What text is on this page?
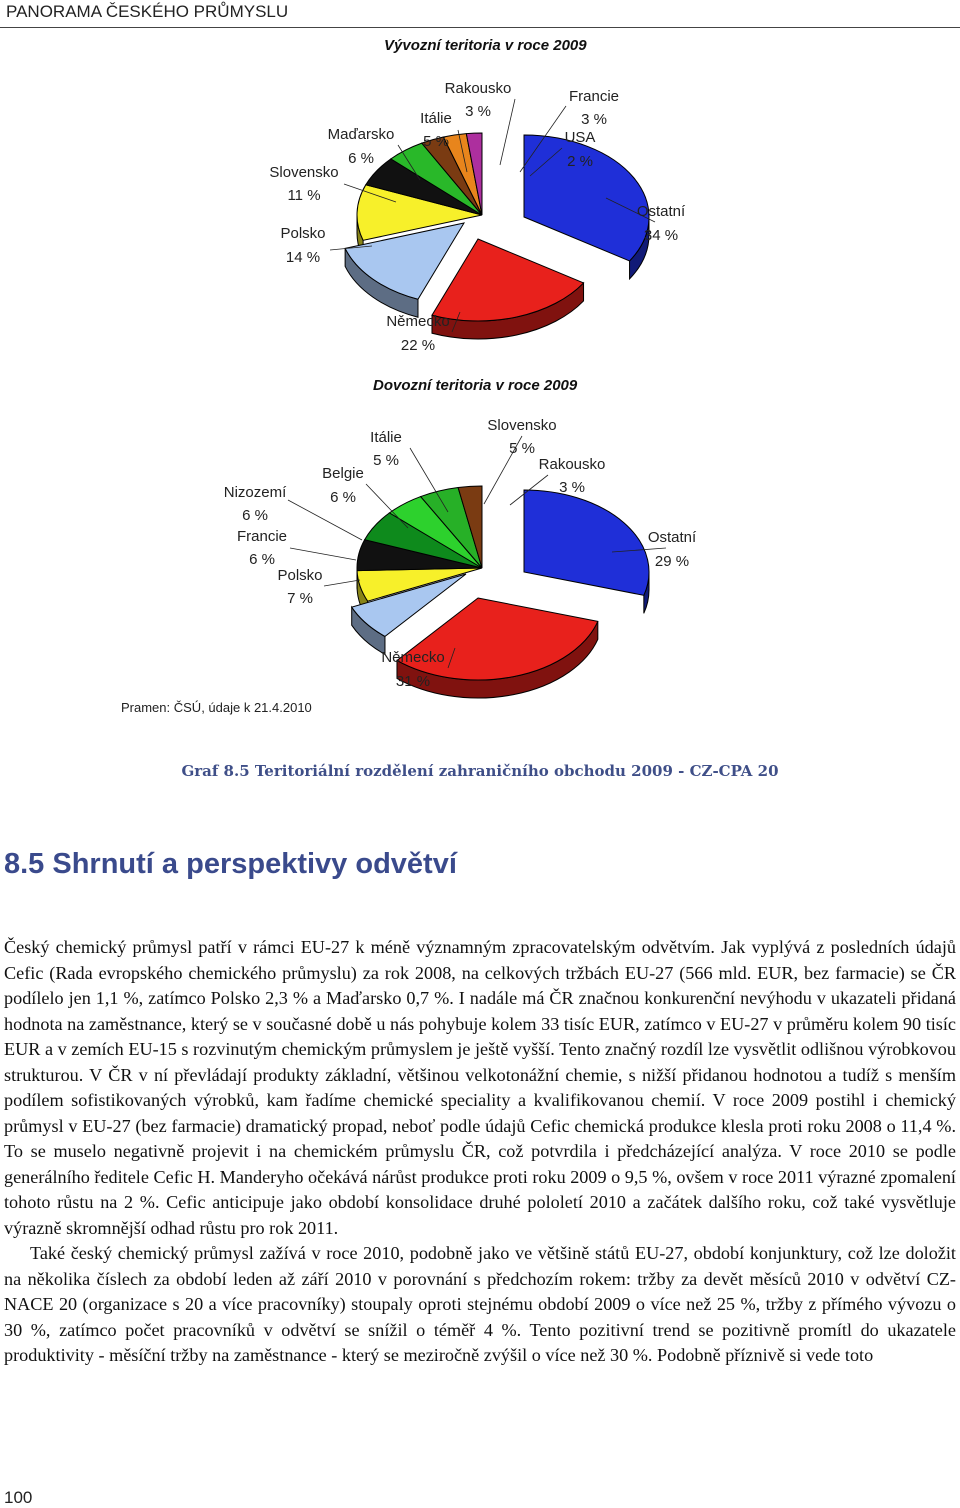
PANORAMA ČESKÉHO PRŮMYSLU
Vývozní teritoria v roce 2009
Ostatní
34 %
Německo
22 %
Polsko
14 %
Slovensko
11 %
Maďarsko
6 %
Itálie
5 %
Rakousko
3 %
Francie
3 %
USA
2 %
Dovozní teritoria v roce 2009
Ostatní
29 %
Německo
31 %
Polsko
7 %
Francie
6 %
Nizozemí
6 %
Belgie
6 %
Itálie
5 %
Slovensko
5 %
Rakousko
3 %
Pramen: ČSÚ, údaje k 21.4.2010
Graf 8.5 Teritoriální rozdělení zahraničního obchodu 2009 - CZ-CPA 20
8.5 Shrnutí a perspektivy odvětví

Český chemický průmysl patří v rámci EU-27 k méně významným zpracovatelským odvětvím. Jak vyplývá z posledních údajů Cefic (Rada evropského chemického průmyslu) za rok 2008, na celkových tržbách EU-27 (566 mld. EUR, bez farmacie) se ČR podílelo jen 1,1 %, zatímco Polsko 2,3 % a Maďarsko 0,7 %. I nadále má ČR značnou konkurenční nevýhodu v ukazateli přidaná hodnota na zaměstnance, který se v současné době u nás pohybuje kolem 33 tisíc EUR, zatímco v EU-27 v průměru kolem 90 tisíc EUR a v zemích EU-15 s rozvinutým chemickým průmyslem je ještě vyšší. Tento značný rozdíl lze vysvětlit odlišnou výrobkovou strukturou. V ČR v ní převládají produkty základní, většinou velkotonážní chemie, s nižší přidanou hodnotou a tudíž s menším podílem sofistikovaných výrobků, kam řadíme chemické speciality a kvalifikovanou chemií. V roce 2009 postihl i chemický průmysl v EU-27 (bez farmacie) dramatický propad, neboť podle údajů Cefic chemická produkce klesla proti roku 2008 o 11,4 %. To se muselo negativně projevit i na chemickém průmyslu ČR, což potvrdila i předcházející analýza. V roce 2010 se podle generálního ředitele Cefic H. Manderyho očekává nárůst produkce proti roku 2009 o 9,5 %, ovšem v roce 2011 výrazné zpomalení tohoto růstu na 2 %. Cefic anticipuje jako období konsolidace druhé pololetí 2010 a začátek dalšího roku, což také vysvětluje výrazně skromnější odhad růstu pro rok 2011.

Také český chemický průmysl zažívá v roce 2010, podobně jako ve většině států EU-27, období konjunktury, což lze doložit na několika číslech za období leden až září 2010 v porovnání s předchozím rokem: tržby za devět měsíců 2010 v odvětví CZ-NACE 20 (organizace s 20 a více pracovníky) stoupaly oproti stejnému období 2009 o více než 25 %, tržby z přímého vývozu o 30 %, zatímco počet pracovníků v odvětví se snížil o téměř 4 %. Tento pozitivní trend se pozitivně promítl do ukazatele produktivity - měsíční tržby na zaměstnance - který se meziročně zvýšil o více než 30 %. Podobně příznivě si vede toto

100
